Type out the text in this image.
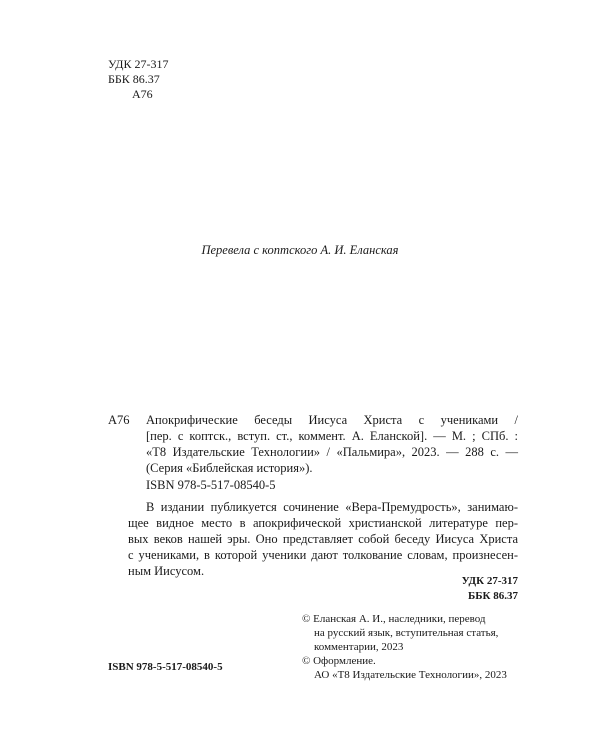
УДК 27-317
ББК 86.37
А76
Перевела с коптского А. И. Еланская
А76	Апокрифические беседы Иисуса Христа с учениками /
[пер. с коптск., вступ. ст., коммент. А. Еланской]. — М. ; СПб. :
«Т8 Издательские Технологии» / «Пальмира», 2023. — 288 с. —
(Серия «Библейская история»).
ISBN 978-5-517-08540-5
В издании публикуется сочинение «Вера-Премудрость», занимаю-
щее видное место в апокрифической христианской литературе пер-
вых веков нашей эры. Оно представляет собой беседу Иисуса Христа
с учениками, в которой ученики дают толкование словам, произнесен-
ным Иисусом.
УДК 27-317
ББК 86.37
© Еланская А. И., наследники, перевод
на русский язык, вступительная статья,
комментарии, 2023
© Оформление.
АО «Т8 Издательские Технологии», 2023
ISBN 978-5-517-08540-5
